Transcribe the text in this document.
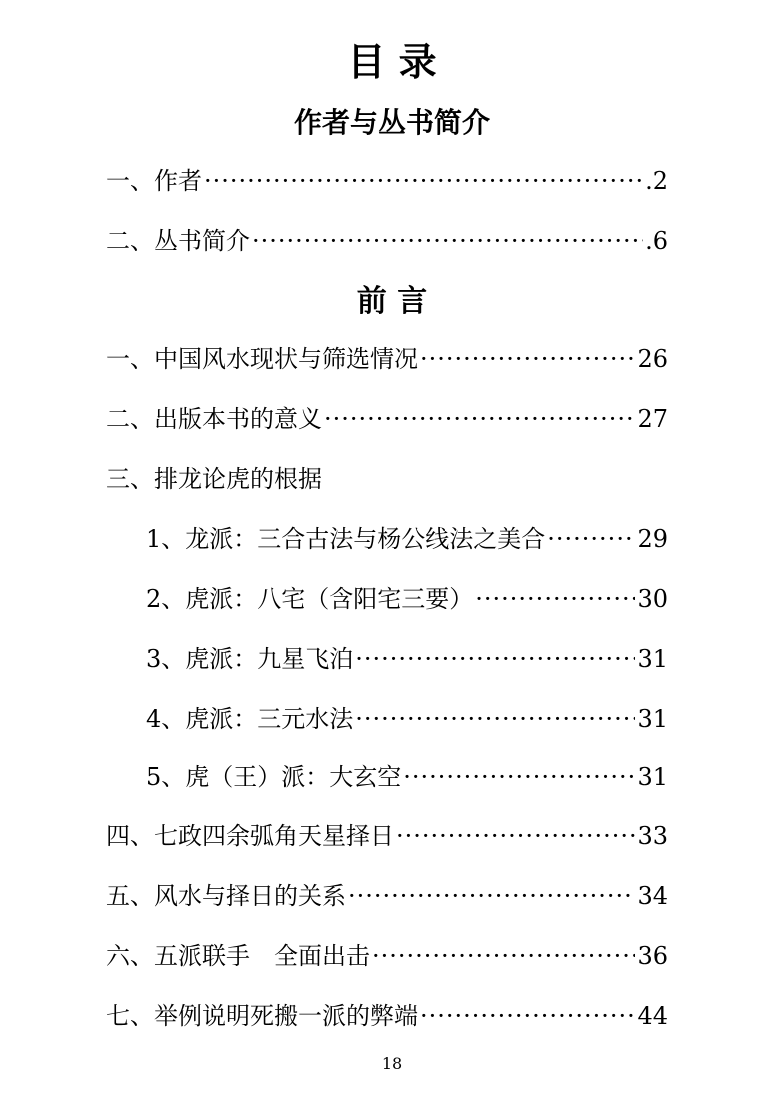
目 录
作者与丛书简介
一、作者 ·····	.2
二、丛书简介 ·····	.6
前 言
一、中国风水现状与筛选情况 ·····	26
二、出版本书的意义 ·····	27
三、排龙论虎的根据
1、龙派：三合古法与杨公线法之美合 ·····	29
2、虎派：八宅（含阳宅三要） ·····	30
3、虎派：九星飞泊 ·····	31
4、虎派：三元水法 ·····	31
5、虎（王）派：大玄空 ·····	31
四、七政四余弧角天星择日 ·····	33
五、风水与择日的关系 ·····	34
六、五派联手　全面出击 ·····	36
七、举例说明死搬一派的弊端 ·····	44
18
